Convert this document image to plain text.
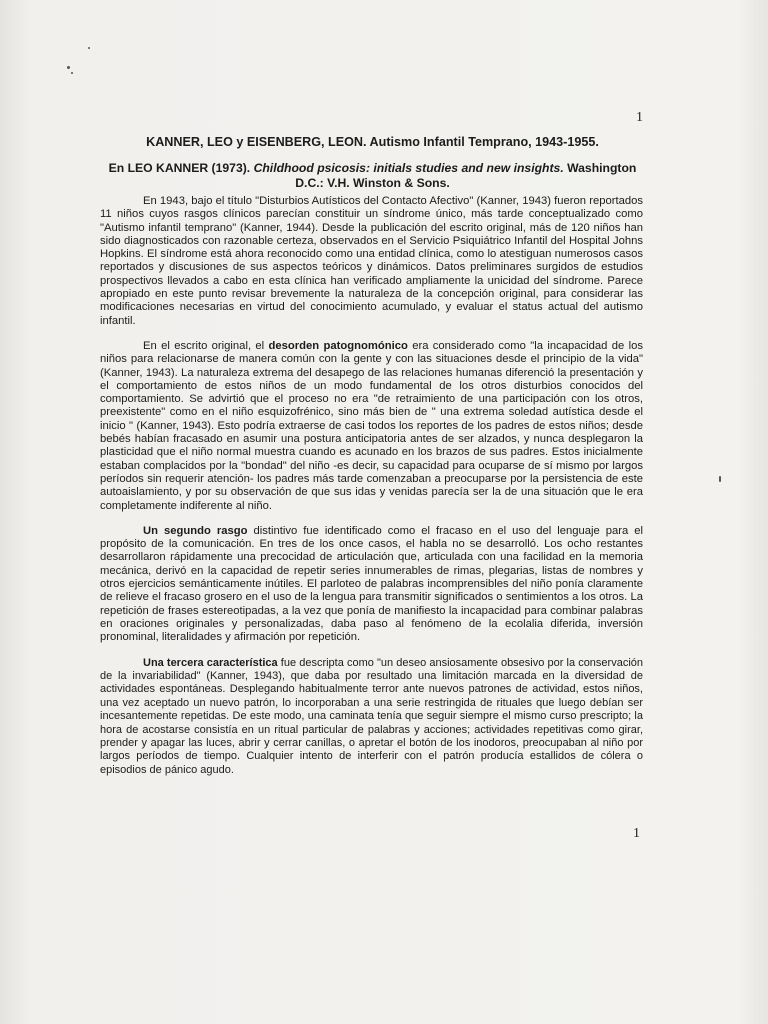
1
KANNER, LEO y EISENBERG, LEON. Autismo Infantil Temprano, 1943-1955.
En LEO KANNER (1973). Childhood psicosis: initials studies and new insights. Washington D.C.: V.H. Winston & Sons.

En 1943, bajo el título "Disturbios Autísticos del Contacto Afectivo" (Kanner, 1943) fueron reportados 11 niños cuyos rasgos clínicos parecían constituir un síndrome único, más tarde conceptualizado como "Autismo infantil temprano" (Kanner, 1944). Desde la publicación del escrito original, más de 120 niños han sido diagnosticados con razonable certeza, observados en el Servicio Psiquiátrico Infantil del Hospital Johns Hopkins. El síndrome está ahora reconocido como una entidad clínica, como lo atestiguan numerosos casos reportados y discusiones de sus aspectos teóricos y dinámicos. Datos preliminares surgidos de estudios prospectivos llevados a cabo en esta clínica han verificado ampliamente la unicidad del síndrome. Parece apropiado en este punto revisar brevemente la naturaleza de la concepción original, para considerar las modificaciones necesarias en virtud del conocimiento acumulado, y evaluar el status actual del autismo infantil.

En el escrito original, el desorden patognomónico era considerado como "la incapacidad de los niños para relacionarse de manera común con la gente y con las situaciones desde el principio de la vida" (Kanner, 1943). La naturaleza extrema del desapego de las relaciones humanas diferenció la presentación y el comportamiento de estos niños de un modo fundamental de los otros disturbios conocidos del comportamiento. Se advirtió que el proceso no era "de retraimiento de una participación con los otros, preexistente" como en el niño esquizofrénico, sino más bien de " una extrema soledad autística desde el inicio " (Kanner, 1943). Esto podría extraerse de casi todos los reportes de los padres de estos niños; desde bebés habían fracasado en asumir una postura anticipatoria antes de ser alzados, y nunca desplegaron la plasticidad que el niño normal muestra cuando es acunado en los brazos de sus padres. Estos inicialmente estaban complacidos por la "bondad" del niño -es decir, su capacidad para ocuparse de sí mismo por largos períodos sin requerir atención- los padres más tarde comenzaban a preocuparse por la persistencia de este autoaislamiento, y por su observación de que sus idas y venidas parecía ser la de una situación que le era completamente indiferente al niño.

Un segundo rasgo distintivo fue identificado como el fracaso en el uso del lenguaje para el propósito de la comunicación. En tres de los once casos, el habla no se desarrolló. Los ocho restantes desarrollaron rápidamente una precocidad de articulación que, articulada con una facilidad en la memoria mecánica, derivó en la capacidad de repetir series innumerables de rimas, plegarias, listas de nombres y otros ejercicios semánticamente inútiles. El parloteo de palabras incomprensibles del niño ponía claramente de relieve el fracaso grosero en el uso de la lengua para transmitir significados o sentimientos a los otros. La repetición de frases estereotipadas, a la vez que ponía de manifiesto la incapacidad para combinar palabras en oraciones originales y personalizadas, daba paso al fenómeno de la ecolalia diferida, inversión pronominal, literalidades y afirmación por repetición.

Una tercera característica fue descripta como "un deseo ansiosamente obsesivo por la conservación de la invariabilidad" (Kanner, 1943), que daba por resultado una limitación marcada en la diversidad de actividades espontáneas. Desplegando habitualmente terror ante nuevos patrones de actividad, estos niños, una vez aceptado un nuevo patrón, lo incorporaban a una serie restringida de rituales que luego debían ser incesantemente repetidas. De este modo, una caminata tenía que seguir siempre el mismo curso prescripto; la hora de acostarse consistía en un ritual particular de palabras y acciones; actividades repetitivas como girar, prender y apagar las luces, abrir y cerrar canillas, o apretar el botón de los inodoros, preocupaban al niño por largos períodos de tiempo. Cualquier intento de interferir con el patrón producía estallidos de cólera o episodios de pánico agudo.

1
